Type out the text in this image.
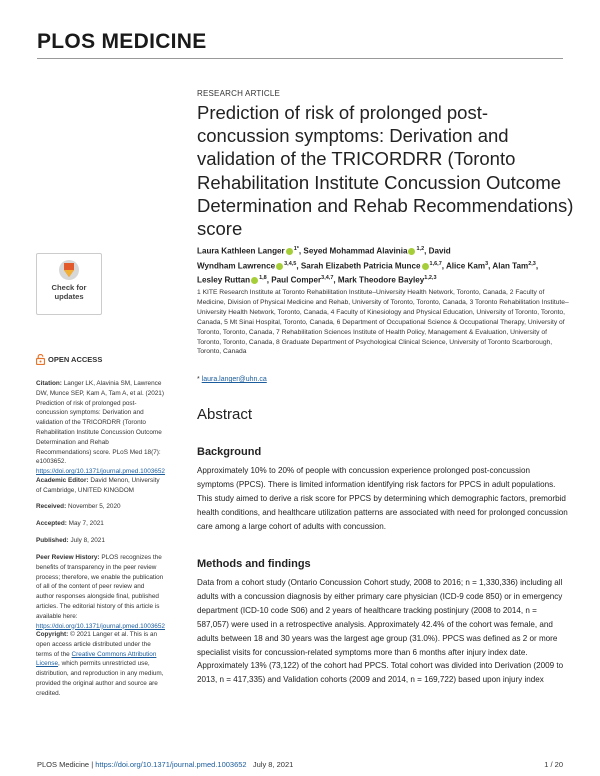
PLOS MEDICINE
RESEARCH ARTICLE
Prediction of risk of prolonged post-concussion symptoms: Derivation and validation of the TRICORDRR (Toronto Rehabilitation Institute Concussion Outcome Determination and Rehab Recommendations) score
Laura Kathleen Langer $^{1*}$, Seyed Mohammad Alavinia $^{1,2}$, David
Wyndham Lawrence $^{3,4,5}$, Sarah Elizabeth Patricia Munce $^{1,6,7}$, Alice Kam$^3$, Alan Tam$^{2,3}$,
Lesley Ruttan $^{1,8}$, Paul Comper$^{3,4,7}$, Mark Theodore Bayley$^{1,2,3}$
1 KITE Research Institute at Toronto Rehabilitation Institute–University Health Network, Toronto, Canada, 2 Faculty of Medicine, Division of Physical Medicine and Rehab, University of Toronto, Toronto, Canada, 3 Toronto Rehabilitation Institute–University Health Network, Toronto, Canada, 4 Faculty of Kinesiology and Physical Education, University of Toronto, Toronto, Canada, 5 Mt Sinai Hospital, Toronto, Canada, 6 Department of Occupational Science & Occupational Therapy, University of Toronto, Toronto, Canada, 7 Rehabilitation Sciences Institute of Health Policy, Management & Evaluation, University of Toronto, Toronto, Canada, 8 Graduate Department of Psychological Clinical Science, University of Toronto Scarborough, Toronto, Canada
* laura.langer@uhn.ca
Abstract
Background

Approximately 10% to 20% of people with concussion experience prolonged post-concussion symptoms (PPCS). There is limited information identifying risk factors for PPCS in adult populations. This study aimed to derive a risk score for PPCS by determining which demographic factors, premorbid health conditions, and healthcare utilization patterns are associated with need for prolonged concussion care among a large cohort of adults with concussion.

Methods and findings

Data from a cohort study (Ontario Concussion Cohort study, 2008 to 2016; n = 1,330,336) including all adults with a concussion diagnosis by either primary care physician (ICD-9 code 850) or in emergency department (ICD-10 code S06) and 2 years of healthcare tracking postinjury (2008 to 2014, n = 587,057) were used in a retrospective analysis. Approximately 42.4% of the cohort was female, and adults between 18 and 30 years was the largest age group (31.0%). PPCS was defined as 2 or more specialist visits for concussion-related symptoms more than 6 months after injury index date. Approximately 13% (73,122) of the cohort had PPCS. Total cohort was divided into Derivation (2009 to 2013, n = 417,335) and Validation cohorts (2009 and 2014, n = 169,722) based upon injury index

Check for
updates
OPEN ACCESS
Citation: Langer LK, Alavinia SM, Lawrence DW, Munce SEP, Kam A, Tam A, et al. (2021) Prediction of risk of prolonged post-concussion symptoms: Derivation and validation of the TRICORDRR (Toronto Rehabilitation Institute Concussion Outcome Determination and Rehab Recommendations) score. PLoS Med 18(7): e1003652. https://doi.org/10.1371/journal.pmed.1003652
Academic Editor: David Menon, University of Cambridge, UNITED KINGDOM
Received: November 5, 2020
Accepted: May 7, 2021
Published: July 8, 2021
Peer Review History: PLOS recognizes the benefits of transparency in the peer review process; therefore, we enable the publication of all of the content of peer review and author responses alongside final, published articles. The editorial history of this article is available here: https://doi.org/10.1371/journal.pmed.1003652
Copyright: © 2021 Langer et al. This is an open access article distributed under the terms of the Creative Commons Attribution License, which permits unrestricted use, distribution, and reproduction in any medium, provided the original author and source are credited.
PLOS Medicine | https://doi.org/10.1371/journal.pmed.1003652 July 8, 2021	1 / 20
